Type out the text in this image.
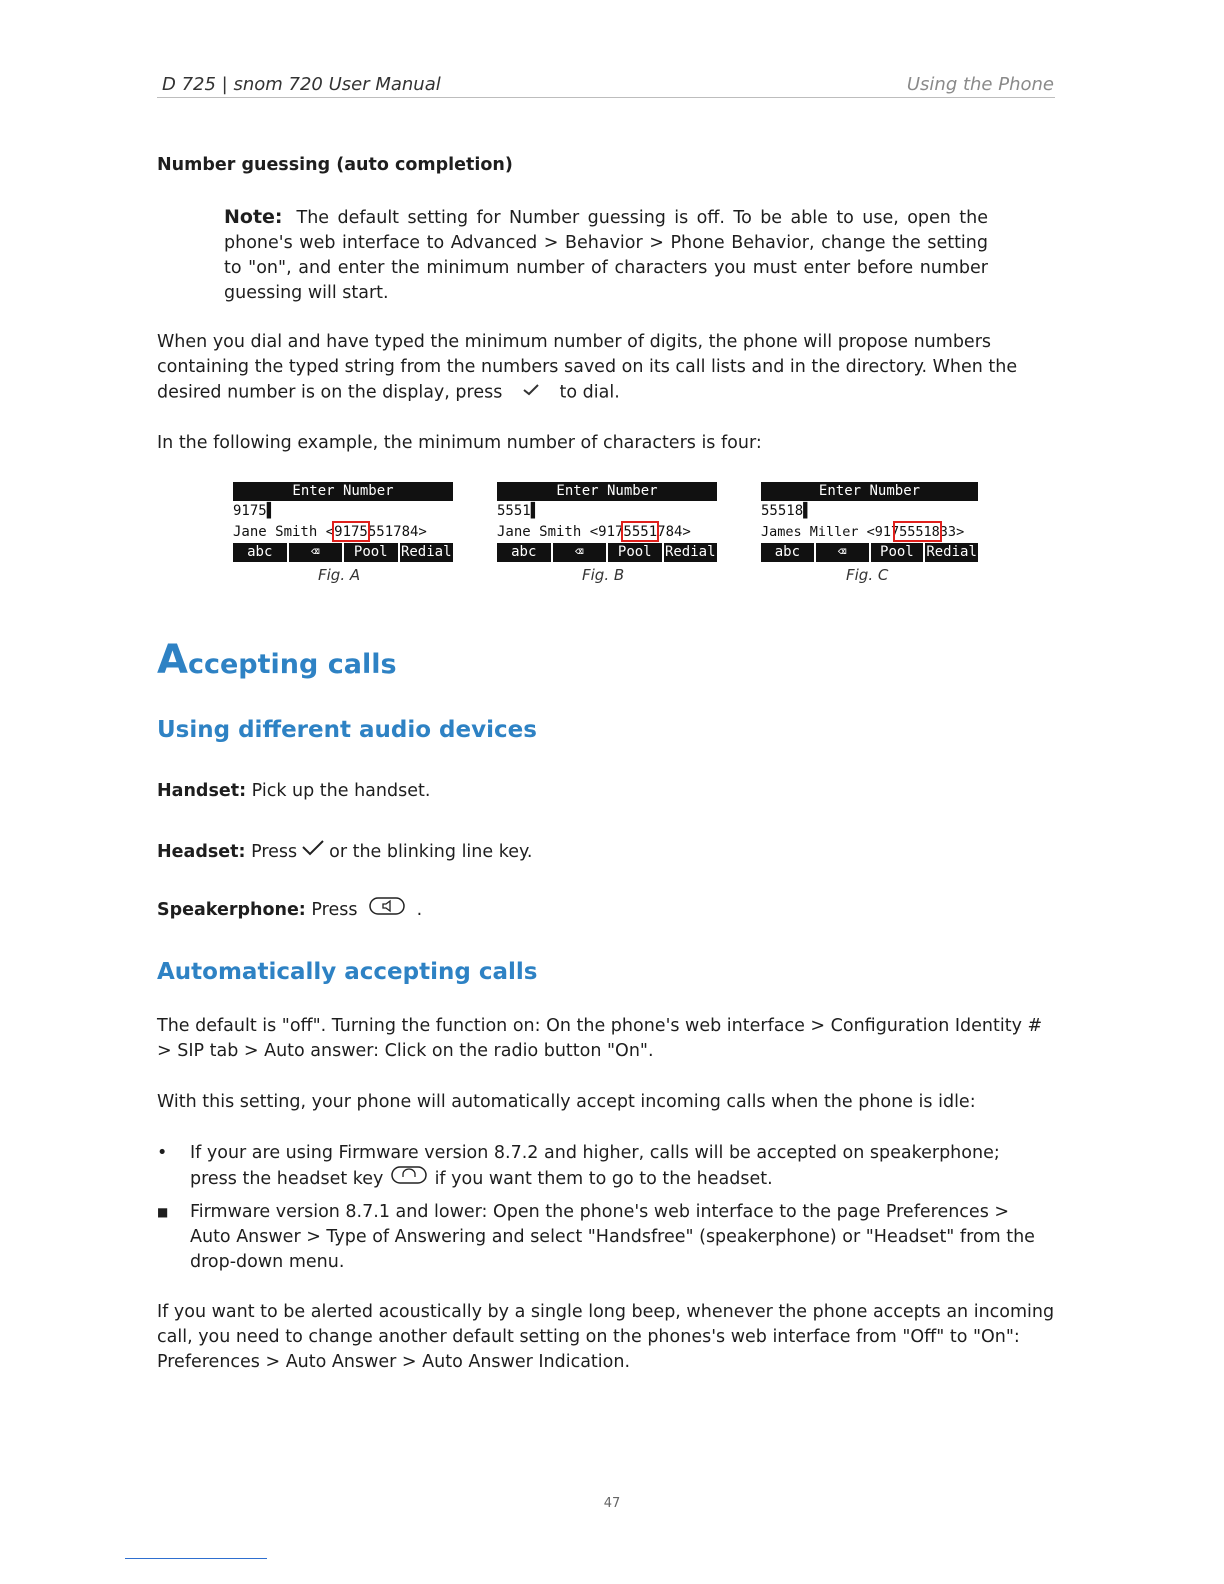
D 725 | snom 720 User Manual	Using the Phone
Number guessing (auto completion)
Note: The default setting for Number guessing is off. To be able to use, open the phone's web interface to Advanced > Behavior > Phone Behavior, change the setting to "on", and enter the minimum number of characters you must enter before number guessing will start.
When you dial and have typed the minimum number of digits, the phone will propose numbers containing the typed string from the numbers saved on its call lists and in the directory. When the desired number is on the display, press	to dial.
In the following example, the minimum number of characters is four:
Enter Number
9175▌
Jane Smith <9175551784>
abc	⌫	Pool Redial
Fig. A
Enter Number
5551▌
Jane Smith <9175551784>
abc	⌫	Pool Redial
Fig. B
Enter Number
55518▌
James Miller <9175551833>
abc	⌫	Pool Redial
Fig. C
Accepting calls
Using different audio devices
Handset: Pick up the handset.
Headset: Press or the blinking line key.
Speakerphone: Press	.
Automatically accepting calls
The default is "off". Turning the function on: On the phone's web interface > Configuration Identity # > SIP tab > Auto answer: Click on the radio button "On".
With this setting, your phone will automatically accept incoming calls when the phone is idle:
• If your are using Firmware version 8.7.2 and higher, calls will be accepted on speakerphone; press the headset key	if you want them to go to the headset.
■ Firmware version 8.7.1 and lower: Open the phone's web interface to the page Preferences > Auto Answer > Type of Answering and select "Handsfree" (speakerphone) or "Headset" from the drop-down menu.
If you want to be alerted acoustically by a single long beep, whenever the phone accepts an incoming call, you need to change another default setting on the phones's web interface from "Off" to "On": Preferences > Auto Answer > Auto Answer Indication.
47
